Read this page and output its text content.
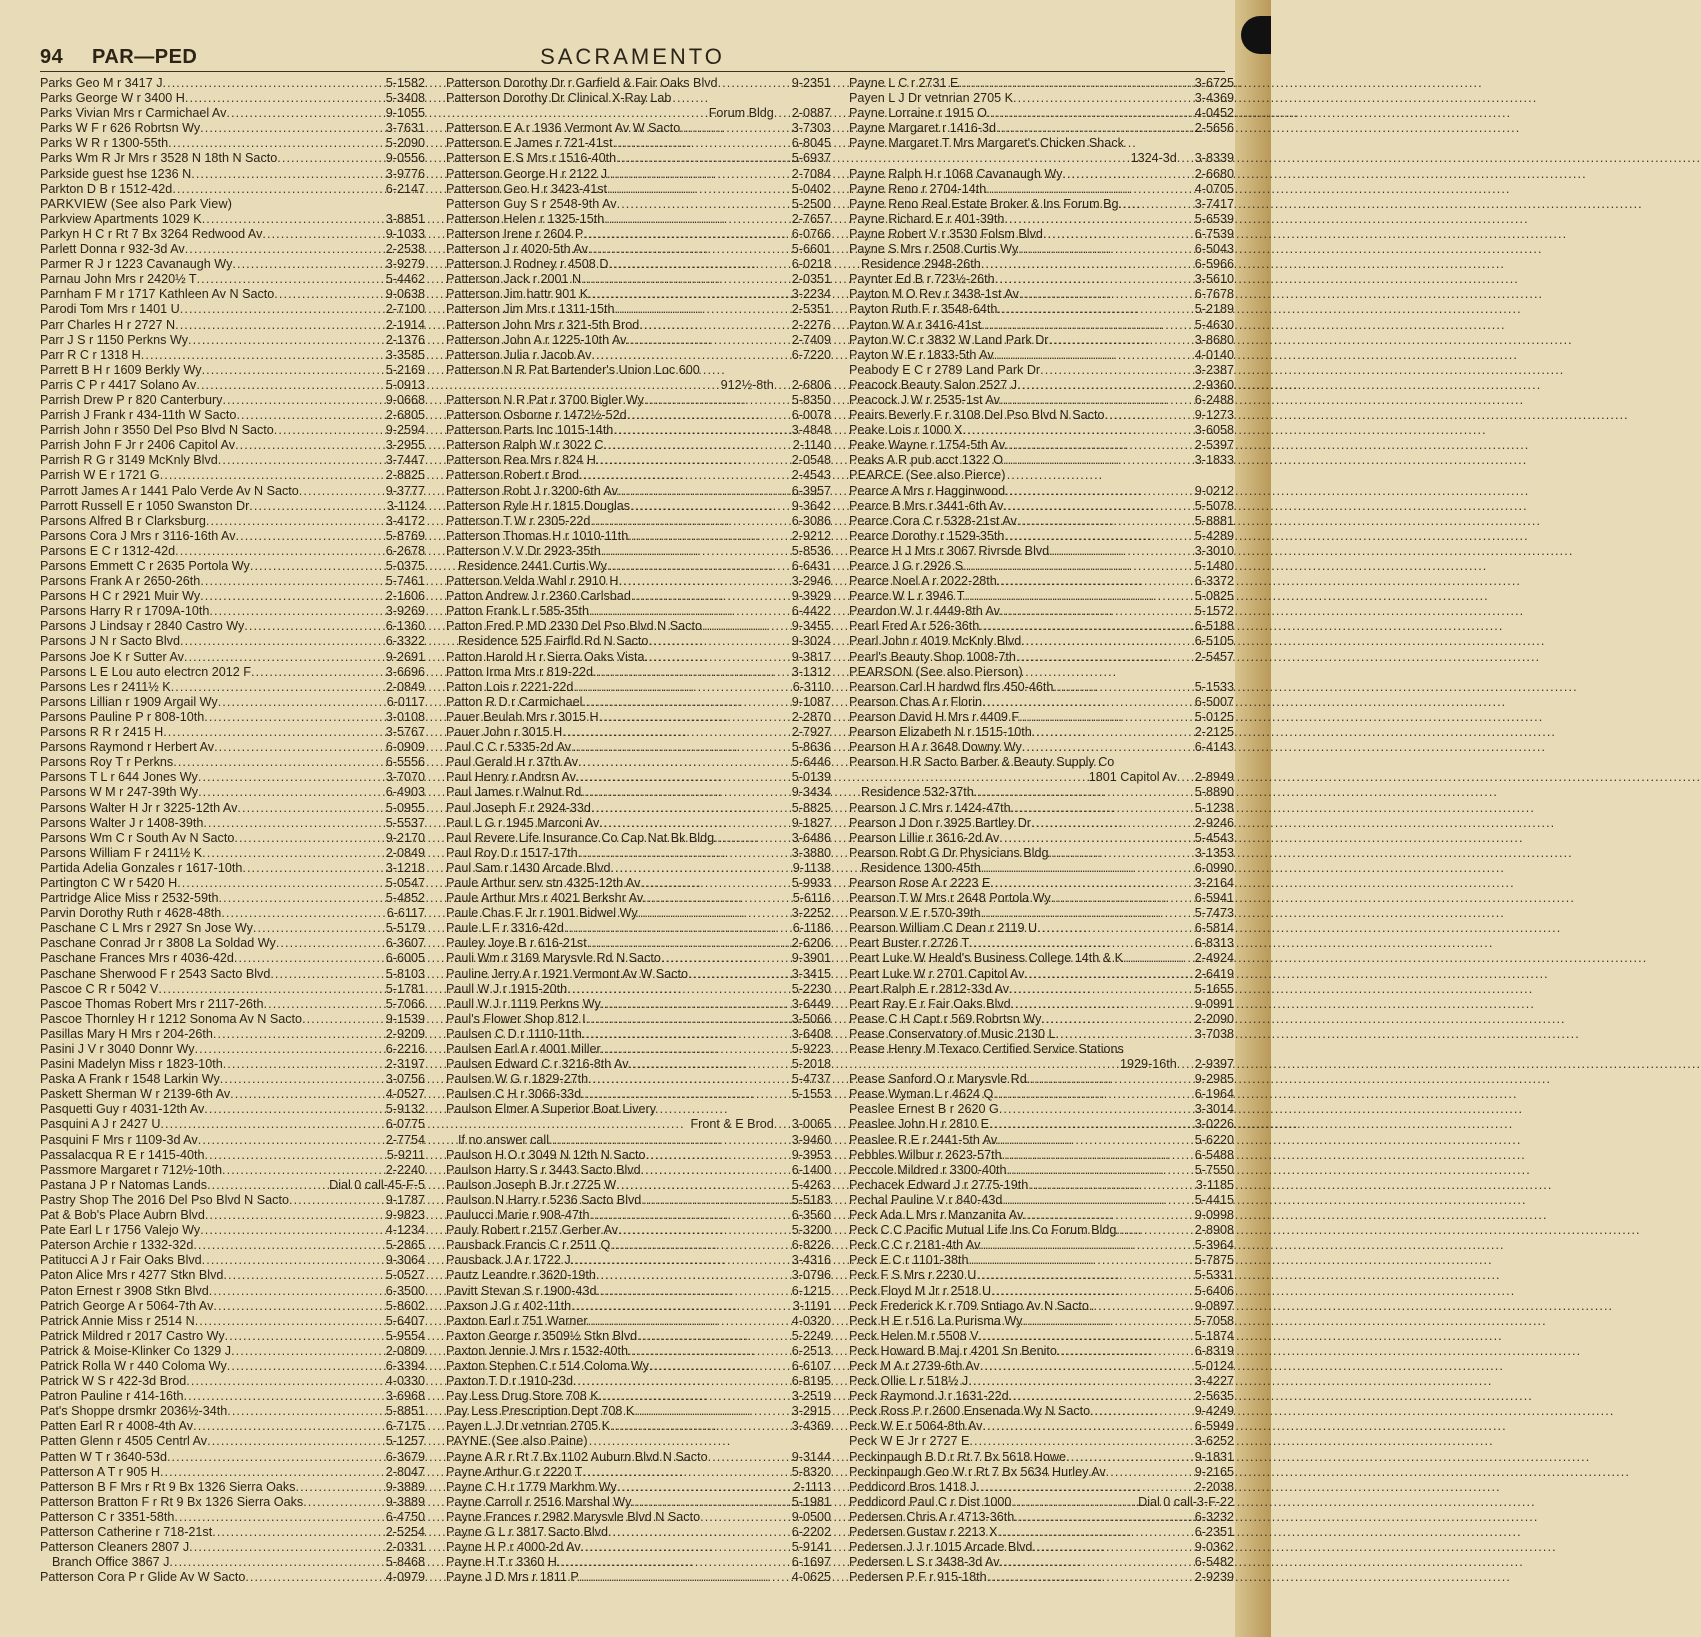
94 PAR—PED	SACRAMENTO
Parks Geo M r 3417 J .....	5-1582
Parks George W r 3400 H .....	5-3408
Parks Vivian Mrs r Carmichael Av .....	9-1055
Parks W F r 626 Robrtsn Wy .....	3-7631
Parks W R r 1300-55th .....	5-2090
Parks Wm R Jr Mrs r 3528 N 18th N Sacto .....	9-0556
Parkside guest hse 1236 N .....	3-9776
Parkton D B r 1512-42d .....	6-2147
PARKVIEW (See also Park View)
Parkview Apartments 1029 K .....	3-8851
Parkyn H C r Rt 7 Bx 3264 Redwood Av .....	9-1033
Parlett Donna r 932-3d Av .....	2-2538
Parmer R J r 1223 Cavanaugh Wy .....	3-9279
Parnau John Mrs r 2420½ T .....	5-4462
Parnham F M r 1717 Kathleen Av N Sacto .....	9-0638
Parodi Tom Mrs r 1401 U .....	2-7100
Parr Charles H r 2727 N .....	2-1914
Parr J S r 1150 Perkns Wy .....	2-1376
Parr R C r 1318 H .....	3-3585
Parrett B H r 1609 Berkly Wy .....	5-2169
Parris C P r 4417 Solano Av .....	5-0913
Parrish Drew P r 820 Canterbury .....	9-0668
Parrish J Frank r 434-11th W Sacto .....	2-6805
Parrish John r 3550 Del Pso Blvd N Sacto .....	9-2594
Parrish John F Jr r 2406 Capitol Av .....	3-2955
Parrish R G r 3149 McKnly Blvd .....	3-7447
Parrish W E r 1721 G .....	2-8825
Parrott James A r 1441 Palo Verde Av N Sacto .....	9-3777
Parrott Russell E r 1050 Swanston Dr .....	3-1124
Parsons Alfred B r Clarksburg .....	3-4172
Parsons Cora J Mrs r 3116-16th Av .....	5-8769
Parsons E C r 1312-42d .....	6-2678
Parsons Emmett C r 2635 Portola Wy .....	5-0375
Parsons Frank A r 2650-26th .....	5-7461
Parsons H C r 2921 Muir Wy .....	2-1606
Parsons Harry R r 1709A-10th .....	3-9269
Parsons J Lindsay r 2840 Castro Wy .....	6-1360
Parsons J N r Sacto Blvd .....	6-3322
Parsons Joe K r Sutter Av .....	9-2691
Parsons L E Lou auto electrcn 2012 F .....	3-6696
Parsons Les r 2411½ K .....	2-0849
Parsons Lillian r 1909 Argail Wy .....	6-0117
Parsons Pauline P r 808-10th .....	3-0108
Parsons R R r 2415 H .....	3-5767
Parsons Raymond r Herbert Av .....	6-0909
Parsons Roy T r Perkns .....	6-5556
Parsons T L r 644 Jones Wy .....	3-7070
Parsons W M r 247-39th Wy .....	6-4903
Parsons Walter H Jr r 3225-12th Av .....	5-0955
Parsons Walter J r 1408-39th .....	5-5537
Parsons Wm C r South Av N Sacto .....	9-2170
Parsons William F r 2411½ K .....	2-0849
Partida Adelia Gonzales r 1617-10th .....	3-1218
Partington C W r 5420 H .....	5-0547
Partridge Alice Miss r 2532-59th .....	5-4852
Parvin Dorothy Ruth r 4628-48th .....	6-6117
Paschane C L Mrs r 2927 Sn Jose Wy .....	5-5179
Paschane Conrad Jr r 3808 La Soldad Wy .....	6-3607
Paschane Frances Mrs r 4036-42d .....	6-6005
Paschane Sherwood F r 2543 Sacto Blvd .....	5-8103
Pascoe C R r 5042 V .....	5-1781
Pascoe Thomas Robert Mrs r 2117-26th .....	5-7066
Pascoe Thornley H r 1212 Sonoma Av N Sacto .....	9-1539
Pasillas Mary H Mrs r 204-26th .....	2-9209
Pasini J V r 3040 Donnr Wy .....	6-2216
Pasini Madelyn Miss r 1823-10th .....	2-3197
Paska A Frank r 1548 Larkin Wy .....	3-0756
Paskett Sherman W r 2139-6th Av .....	4-0527
Pasquetti Guy r 4031-12th Av .....	5-9132
Pasquini A J r 2427 U .....	6-0775
Pasquini F Mrs r 1109-3d Av .....	2-7754
Passalacqua R E r 1415-40th .....	5-9211
Passmore Margaret r 712½-10th .....	2-2240
Pastana J P r Natomas Lands .....	Dial 0 call-45-F-5
Pastry Shop The 2016 Del Pso Blvd N Sacto .....	9-1787
Pat & Bob's Place Aubrn Blvd .....	9-9823
Pate Earl L r 1756 Valejo Wy .....	4-1234
Paterson Archie r 1332-32d .....	5-2865
Patitucci A J r Fair Oaks Blvd .....	9-3064
Paton Alice Mrs r 4277 Stkn Blvd .....	5-0527
Paton Ernest r 3908 Stkn Blvd .....	6-3500
Patrich George A r 5064-7th Av .....	5-8602
Patrick Annie Miss r 2514 N .....	5-6407
Patrick Mildred r 2017 Castro Wy .....	5-9554
Patrick & Moise-Klinker Co 1329 J .....	2-0809
Patrick Rolla W r 440 Coloma Wy .....	6-3394
Patrick W S r 422-3d Brod .....	4-0330
Patron Pauline r 414-16th .....	3-6968
Pat's Shoppe drsmkr 2036½-34th .....	5-8851
Patten Earl R r 4008-4th Av .....	6-7175
Patten Glenn r 4505 Centrl Av .....	5-1257
Patten W T r 3640-53d .....	6-3679
Patterson A T r 905 H .....	2-8047
Patterson B F Mrs r Rt 9 Bx 1326 Sierra Oaks .....	9-3889
Patterson Bratton F r Rt 9 Bx 1326 Sierra Oaks .....	9-3889
Patterson C r 3351-58th .....	6-4750
Patterson Catherine r 718-21st .....	2-5254
Patterson Cleaners 2807 J .....	2-0331
Branch Office 3867 J .....	5-8468
Patterson Cora P r Glide Av W Sacto .....	4-0979
Patterson Dorothy Dr r Garfield & Fair Oaks Blvd .....	9-2351
Patterson Dorothy Dr Clinical X-Ray Lab
Forum Bldg ..... 2-0887
Patterson E A r 1936 Vermont Av W Sacto .....	3-7303
Patterson E James r 721-41st .....	6-8045
Patterson E S Mrs r 1516-40th .....	5-6937
Patterson George H r 2122 J .....	2-7084
Patterson Geo H r 3423-41st .....	5-0402
Patterson Guy S r 2548-9th Av .....	5-2500
Patterson Helen r 1325-15th .....	2-7657
Patterson Irene r 2604 P .....	6-0766
Patterson J r 4020-5th Av .....	5-6601
Patterson J Rodney r 4508 D .....	6-0218
Patterson Jack r 2001 N .....	2-0351
Patterson Jim hattr 901 K .....	3-2234
Patterson Jim Mrs r 1311-15th .....	2-5351
Patterson John Mrs r 321-5th Brod .....	2-2276
Patterson John A r 1225-10th Av .....	2-7409
Patterson Julia r Jacob Av .....	6-7220
Patterson N R Pat Bartender's Union Loc 600
912½-8th ..... 2-6806
Patterson N R Pat r 3700 Bigler Wy .....	5-8350
Patterson Osborne r 1472½-52d .....	6-0078
Patterson Parts Inc 1015-14th .....	3-4848
Patterson Ralph W r 3022 C .....	2-1140
Patterson Rea Mrs r 824 H .....	2-0548
Patterson Robert r Brod .....	2-4543
Patterson Robt J r 3200-6th Av .....	6-3957
Patterson Ryle H r 1815 Douglas .....	9-3642
Patterson T W r 2305-22d .....	6-3086
Patterson Thomas H r 1010-11th .....	2-9212
Patterson V V Dr 2923-35th .....	5-8536
Residence 2441 Curtis Wy .....	6-6431
Patterson Velda Wahl r 2910 H .....	3-2946
Patton Andrew J r 2360 Carlsbad .....	9-3929
Patton Frank L r 585-35th .....	6-4422
Patton Fred P MD 2330 Del Pso Blvd N Sacto .....	9-3455
Residence 525 Fairfld Rd N Sacto .....	9-3024
Patton Harold H r Sierra Oaks Vista .....	9-3817
Patton Irma Mrs r 819-22d .....	3-1312
Patton Lois r 2221-22d .....	6-3110
Patton R D r Carmichael .....	9-1087
Pauer Beulah Mrs r 3015 H .....	2-2870
Pauer John r 3015 H .....	2-7927
Paul C C r 5335-2d Av .....	5-8636
Paul Gerald H r 37th Av .....	5-6446
Paul Henry r Andrsn Av .....	5-0139
Paul James r Walnut Rd .....	9-3434
Paul Joseph F r 2924-33d .....	5-8825
Paul L G r 1945 Marconi Av .....	9-1827
Paul Revere Life Insurance Co Cap Nat Bk Bldg .....	3-6486
Paul Roy D r 1517-17th .....	3-3880
Paul Sam r 1430 Arcade Blvd .....	9-1138
Paule Arthur serv stn 4325-12th Av .....	5-9933
Paule Arthur Mrs r 4021 Berkshr Av .....	5-6116
Paule Chas F Jr r 1901 Bidwel Wy .....	3-2252
Paule L F r 3316-42d .....	6-1186
Pauley Joye B r 616-21st .....	2-6206
Pauli Wm r 3169 Marysvle Rd N Sacto .....	9-3901
Pauline Jerry A r 1921 Vermont Av W Sacto .....	3-3415
Paull W J r 1915-20th .....	5-2230
Paull W J r 1119 Perkns Wy .....	3-6449
Paul's Flower Shop 812 I .....	3-5066
Paulsen C D r 1110-11th .....	3-6408
Paulsen Earl A r 4001 Miller .....	5-9223
Paulsen Edward C r 3216-8th Av .....	5-2018
Paulsen W G r 1829-27th .....	5-4737
Paulsen C H r 3066-33d .....	5-1553
Paulson Elmer A Superior Boat Livery
Front & E Brod ..... 3-0065
If no answer call .....	3-9460
Paulson H O r 3049 N 12th N Sacto .....	9-3953
Paulson Harry S r 3443 Sacto Blvd .....	6-1400
Paulson Joseph B Jr r 2725 W .....	5-4263
Paulson N Harry r 5236 Sacto Blvd .....	5-5183
Paulucci Marie r 908-47th .....	6-3560
Pauly Robert r 2157 Gerber Av .....	5-3200
Pausback Francis C r 2511 Q .....	6-8226
Pausback J A r 1722 J .....	3-4316
Pautz Leandre r 3620-19th .....	3-0796
Pavitt Stevan S r 1900-43d .....	6-1215
Paxson J G r 402-11th .....	3-1191
Paxton Earl r 751 Warner .....	4-0320
Paxton George r 3509½ Stkn Blvd .....	5-2249
Paxton Jennie J Mrs r 1532-40th .....	6-2513
Paxton Stephen C r 514 Coloma Wy .....	6-6107
Paxton T D r 1910-23d .....	6-8195
Pay Less Drug Store 708 K .....	3-2519
Pay Less Prescription Dept 708 K .....	3-2915
Payen L J Dr vetnrian 2705 K .....	3-4369
PAYNE (See also Paine)
Payne A R r Rt 7 Bx 1102 Auburn Blvd N Sacto .....	9-3144
Payne Arthur G r 2220 T .....	5-8320
Payne C H r 1779 Markhm Wy .....	2-1113
Payne Carroll r 2516 Marshal Wy .....	5-1981
Payne Frances r 2982 Marysvle Blvd N Sacto .....	9-0500
Payne G L r 3817 Sacto Blvd .....	6-2202
Payne H P r 4000-2d Av .....	5-9141
Payne H T r 3360 H .....	6-1697
Payne J D Mrs r 1811 P .....	4-0625
Payne L C r 2731 E .....	3-6725
Payen L J Dr vetnrian 2705 K .....	3-4369
Payne Lorraine r 1915 O .....	4-0452
Payne Margaret r 1416-3d .....	2-5656
Payne Margaret T Mrs Margaret's Chicken Shack
1324-3d ..... 3-8339
Payne Ralph H r 1068 Cavanaugh Wy .....	2-6680
Payne Reno r 2704-14th .....	4-0705
Payne Reno Real Estate Broker & Ins Forum Bg .....	3-7417
Payne Richard E r 401-39th .....	5-6539
Payne Robert V r 3530 Folsm Blvd .....	6-7539
Payne S Mrs r 2508 Curtis Wy .....	6-5043
Residence 2948-26th .....	6-5966
Paynter Ed B r 723½-26th .....	3-5610
Payton M O Rev r 3438-1st Av .....	6-7678
Payton Ruth F r 3548-64th .....	5-2189
Payton W A r 3416-41st .....	5-4630
Payton W C r 3832 W Land Park Dr .....	3-8680
Payton W E r 1833-5th Av .....	4-0140
Peabody E C r 2789 Land Park Dr .....	3-2387
Peacock Beauty Salon 2527 J .....	2-9360
Peacock J W r 2535-1st Av .....	6-2488
Peairs Beverly F r 3108 Del Pso Blvd N Sacto .....	9-1273
Peake Lois r 1000 X .....	3-6058
Peake Wayne r 1754-5th Av .....	2-5397
Peaks A R pub acct 1322 O .....	3-1833
PEARCE (See also Pierce)
Pearce A Mrs r Hagginwood .....	9-0212
Pearce B Mrs r 3441-6th Av .....	5-5078
Pearce Cora C r 5328-21st Av .....	5-8881
Pearce Dorothy r 1529-35th .....	5-4289
Pearce H J Mrs r 3067 Rivrsde Blvd .....	3-3010
Pearce J G r 2926 S .....	5-1480
Pearce Noel A r 2022-28th .....	6-3372
Pearce W L r 3946 T .....	5-0825
Peardon W J r 4449-8th Av .....	5-1572
Pearl Fred A r 526-36th .....	6-5188
Pearl John r 4019 McKnly Blvd .....	6-5105
Pearl's Beauty Shop 1008-7th .....	2-5457
PEARSON (See also Pierson)
Pearson Carl H hardwd flrs 450-46th .....	5-1533
Pearson Chas A r Florin .....	6-5007
Pearson David H Mrs r 4409 F .....	5-0125
Pearson Elizabeth N r 1515-10th .....	2-2125
Pearson H A r 3648 Downy Wy .....	6-4143
Pearson H R Sacto Barber & Beauty Supply Co
1801 Capitol Av ..... 2-8949
Residence 532-37th .....	5-8890
Pearson J C Mrs r 1424-47th .....	5-1238
Pearson J Don r 3925 Bartley Dr .....	2-9246
Pearson Lillie r 3616-2d Av .....	5-4543
Pearson Robt G Dr Physicians Bldg .....	3-1353
Residence 1300-45th .....	6-0990
Pearson Rose A r 2223 E .....	3-2164
Pearson T W Mrs r 2648 Portola Wy .....	6-5941
Pearson V E r 570-39th .....	5-7473
Pearson William C Dean r 2119 U .....	6-5814
Peart Buster r 2726 T .....	6-8313
Peart Luke W Heald's Business College 14th & K .....	2-4924
Peart Luke W r 2701 Capitol Av .....	2-6419
Peart Ralph E r 2812-33d Av .....	5-1655
Peart Ray E r Fair Oaks Blvd .....	9-0991
Pease C H Capt r 569 Robrtsn Wy .....	2-2090
Pease Conservatory of Music 2130 L .....	3-7038
Pease Henry M Texaco Certified Service Stations
1929-16th ..... 2-9397
Pease Sanford O r Marysvle Rd .....	9-2985
Pease Wyman L r 4624 Q .....	6-1964
Peaslee Ernest B r 2620 G .....	3-3014
Peaslee John H r 2810 E .....	3-0226
Peaslee R E r 2441-5th Av .....	5-6220
Pebbles Wilbur r 2623-57th .....	6-5488
Peccole Mildred r 3300-40th .....	5-7550
Pechacek Edward J r 2775-19th .....	3-1185
Pechal Pauline V r 840-43d .....	5-4415
Peck Ada L Mrs r Manzanita Av .....	9-0998
Peck C C Pacific Mutual Life Ins Co Forum Bldg .....	2-8908
Peck C C r 2181-4th Av .....	5-3964
Peck E C r 1101-38th .....	5-7875
Peck F S Mrs r 2230 U .....	5-5331
Peck Floyd M Jr r 2518 U .....	5-6406
Peck Frederick K r 709 Sntiago Av N Sacto .....	9-0897
Peck H E r 516 La Purisma Wy .....	5-7058
Peck Helen M r 5508 V .....	5-1874
Peck Howard B Maj r 4201 Sn Benito .....	6-8319
Peck M A r 2739-6th Av .....	5-0124
Peck Ollie L r 518½ J .....	3-4227
Peck Raymond J r 1631-22d .....	2-5635
Peck Ross P r 2600 Ensenada Wy N Sacto .....	9-4249
Peck W E r 5064-8th Av .....	6-5949
Peck W E Jr r 2727 E .....	3-6252
Peckinpaugh B D r Rt 7 Bx 5618 Howe .....	9-1831
Peckinpaugh Geo W r Rt 7 Bx 5634 Hurley Av .....	9-2165
Peddicord Bros 1418 J .....	2-2038
Peddicord Paul C r Dist 1000 .....	Dial 0 call-3-F-22
Pedersen Chris A r 4713-36th .....	6-3232
Pedersen Gustav r 2213 X .....	6-2351
Pedersen J J r 1015 Arcade Blvd .....	9-0362
Pedersen L S r 3438-3d Av .....	6-5482
Pedersen P F r 915-18th .....	2-9239
